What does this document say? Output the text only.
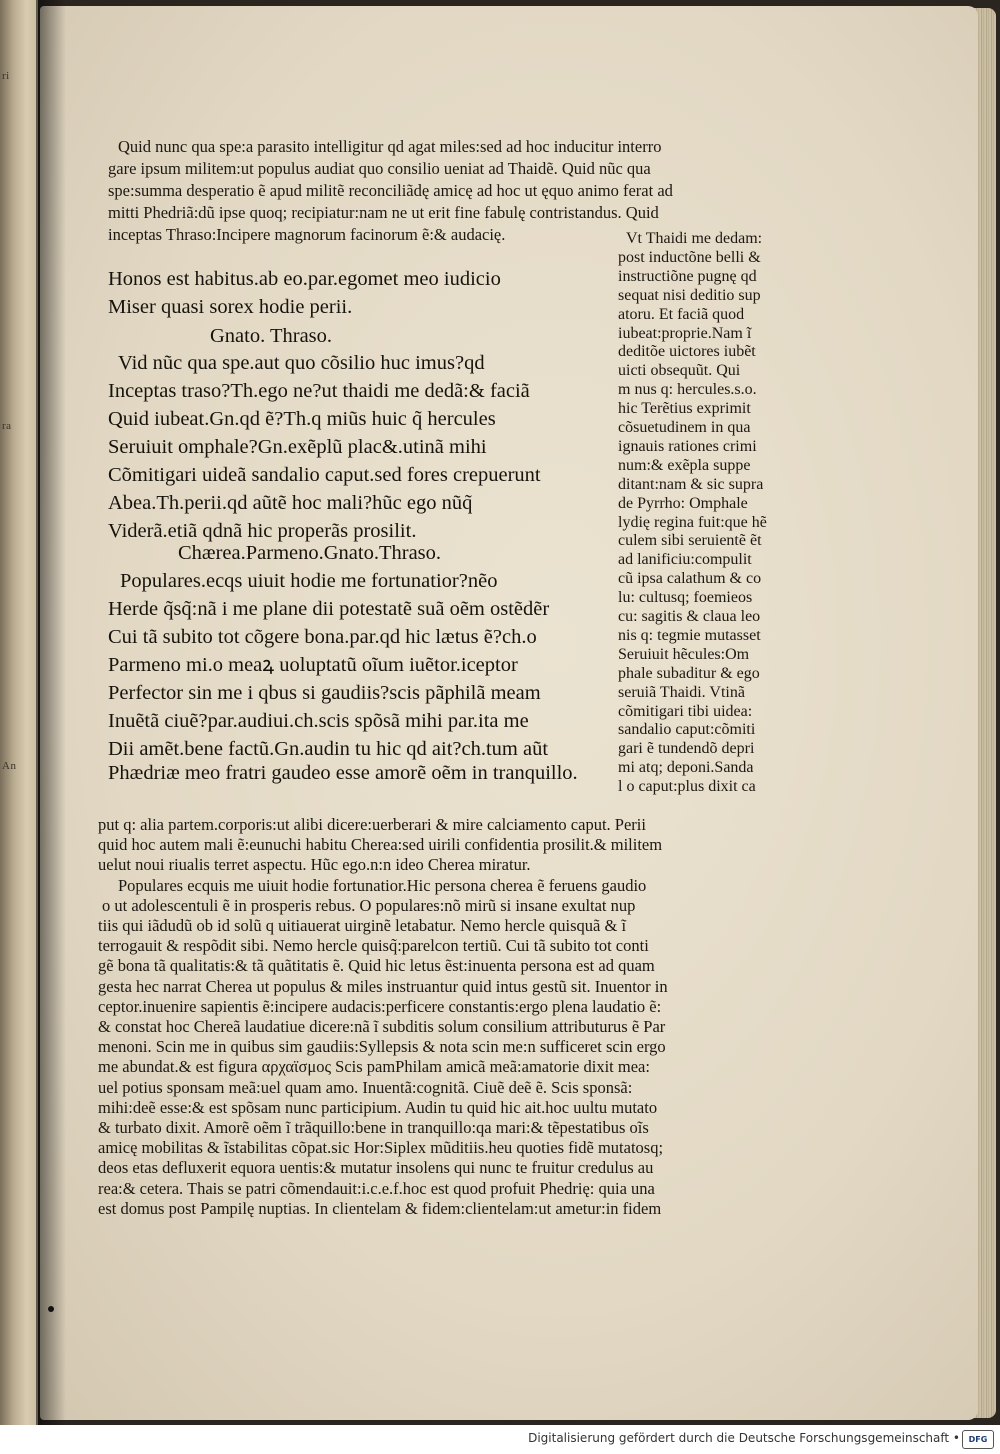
ri
ra
An
Quid nunc qua spe:a parasito intelligitur qd agat miles:sed ad hoc inducitur interro
gare ipsum militem:ut populus audiat quo consilio ueniat ad Thaidẽ. Quid nũc qua
spe:summa desperatio ẽ apud militẽ reconciliãdę amicę ad hoc ut ęquo animo ferat ad
mitti Phedriã:dũ ipse quoq; recipiatur:nam ne ut erit fine fabulę contristandus. Quid
inceptas Thraso:Incipere magnorum facinorum ẽ:& audacię.
Honos est habitus.ab eo.par.egomet meo iudicio
Miser quasi sorex hodie perii.
Gnato. Thraso.
Vid nũc qua spe.aut quo cõsilio huc imus?qd
Inceptas traso?Th.ego ne?ut thaidi me dedã:& faciã
Quid iubeat.Gn.qd ẽ?Th.q miũs huic q̃ hercules
Seruiuit omphale?Gn.exẽplũ plac&.utinã mihi
Cõmitigari uideã sandalio caput.sed fores crepuerunt
Abea.Th.perii.qd aũtẽ hoc mali?hũc ego nũq̃
Viderã.etiã qdnã hic properãs prosilit.
Chærea.Parmeno.Gnato.Thraso.
Populares.ecqs uiuit hodie me fortunatior?nẽo
Herde q̃sq̃:nã i me plane dii potestatẽ suã oẽm ostẽdẽr
Cui tã subito tot cõgere bona.par.qd hic lætus ẽ?ch.o
Parmeno mi.o meaꝝ uoluptatũ oĩum iuẽtor.iceptor
Perfector sin me i qbus si gaudiis?scis pãphilã meam
Inuẽtã ciuẽ?par.audiui.ch.scis spõsã mihi par.ita me
Dii amẽt.bene factũ.Gn.audin tu hic qd ait?ch.tum aũt
Phædriæ meo fratri gaudeo esse amorẽ oẽm in tranquillo.
Vt Thaidi me dedam:
post inductõne belli &
instructiõne pugnę qd
sequat nisi deditio sup
atoru. Et faciã quod
iubeat:proprie.Nam ĩ
deditõe uictores iubẽt
uicti obsequũt. Qui
m nus q: hercules.s.o.
hic Terẽtius exprimit
cõsuetudinem in qua
ignauis rationes crimi
num:& exẽpla suppe
ditant:nam & sic supra
de Pyrrho: Omphale
lydię regina fuit:que hẽ
culem sibi seruientẽ ẽt
ad lanificiu:compulit
cũ ipsa calathum & co
lu: cultusq; foemieos
cu: sagitis & claua leo
nis q: tegmie mutasset
Seruiuit hẽcules:Om
phale subaditur & ego
seruiã Thaidi. Vtinã
cõmitigari tibi uidea:
sandalio caput:cõmiti
gari ẽ tundendõ depri
mi atq; deponi.Sanda
l o caput:plus dixit ca
put q: alia partem.corporis:ut alibi dicere:uerberari & mire calciamento caput. Perii
quid hoc autem mali ẽ:eunuchi habitu Cherea:sed uirili confidentia prosilit.& militem
uelut noui riualis terret aspectu. Hũc ego.n:n ideo Cherea miratur.
Populares ecquis me uiuit hodie fortunatior.Hic persona cherea ẽ feruens gaudio
o ut adolescentuli ẽ in prosperis rebus. O populares:nõ mirũ si insane exultat nup
tiis qui iãdudũ ob id solũ q uitiauerat uirginẽ letabatur. Nemo hercle quisquã & ĩ
terrogauit & respõdit sibi. Nemo hercle quisq̃:parelcon tertiũ. Cui tã subito tot conti
gẽ bona tã qualitatis:& tã quãtitatis ẽ. Quid hic letus ẽst:inuenta persona est ad quam
gesta hec narrat Cherea ut populus & miles instruantur quid intus gestũ sit. Inuentor in
ceptor.inuenire sapientis ẽ:incipere audacis:perficere constantis:ergo plena laudatio ẽ:
& constat hoc Chereã laudatiue dicere:nã ĩ subditis solum consilium attributurus ẽ Par
menoni. Scin me in quibus sim gaudiis:Syllepsis & nota scin me:n sufficeret scin ergo
me abundat.& est figura αρχαϊσμος Scis pamPhilam amicã meã:amatorie dixit mea:
uel potius sponsam meã:uel quam amo. Inuentã:cognitã. Ciuẽ deẽ ẽ. Scis sponsã:
mihi:deẽ esse:& est spõsam nunc participium. Audin tu quid hic ait.hoc uultu mutato
& turbato dixit. Amorẽ oẽm ĩ trãquillo:bene in tranquillo:qa mari:& tẽpestatibus oĩs
amicę mobilitas & ĩstabilitas cõpat.sic Hor:Siplex mũditiis.heu quoties fidẽ mutatosq;
deos etas defluxerit equora uentis:& mutatur insolens qui nunc te fruitur credulus au
rea:& cetera. Thais se patri cõmendauit:i.c.e.f.hoc est quod profuit Phedrię: quia una
est domus post Pampilę nuptias. In clientelam & fidem:clientelam:ut ametur:in fidem
Digitalisierung gefördert durch die Deutsche Forschungsgemeinschaft •	DFG
